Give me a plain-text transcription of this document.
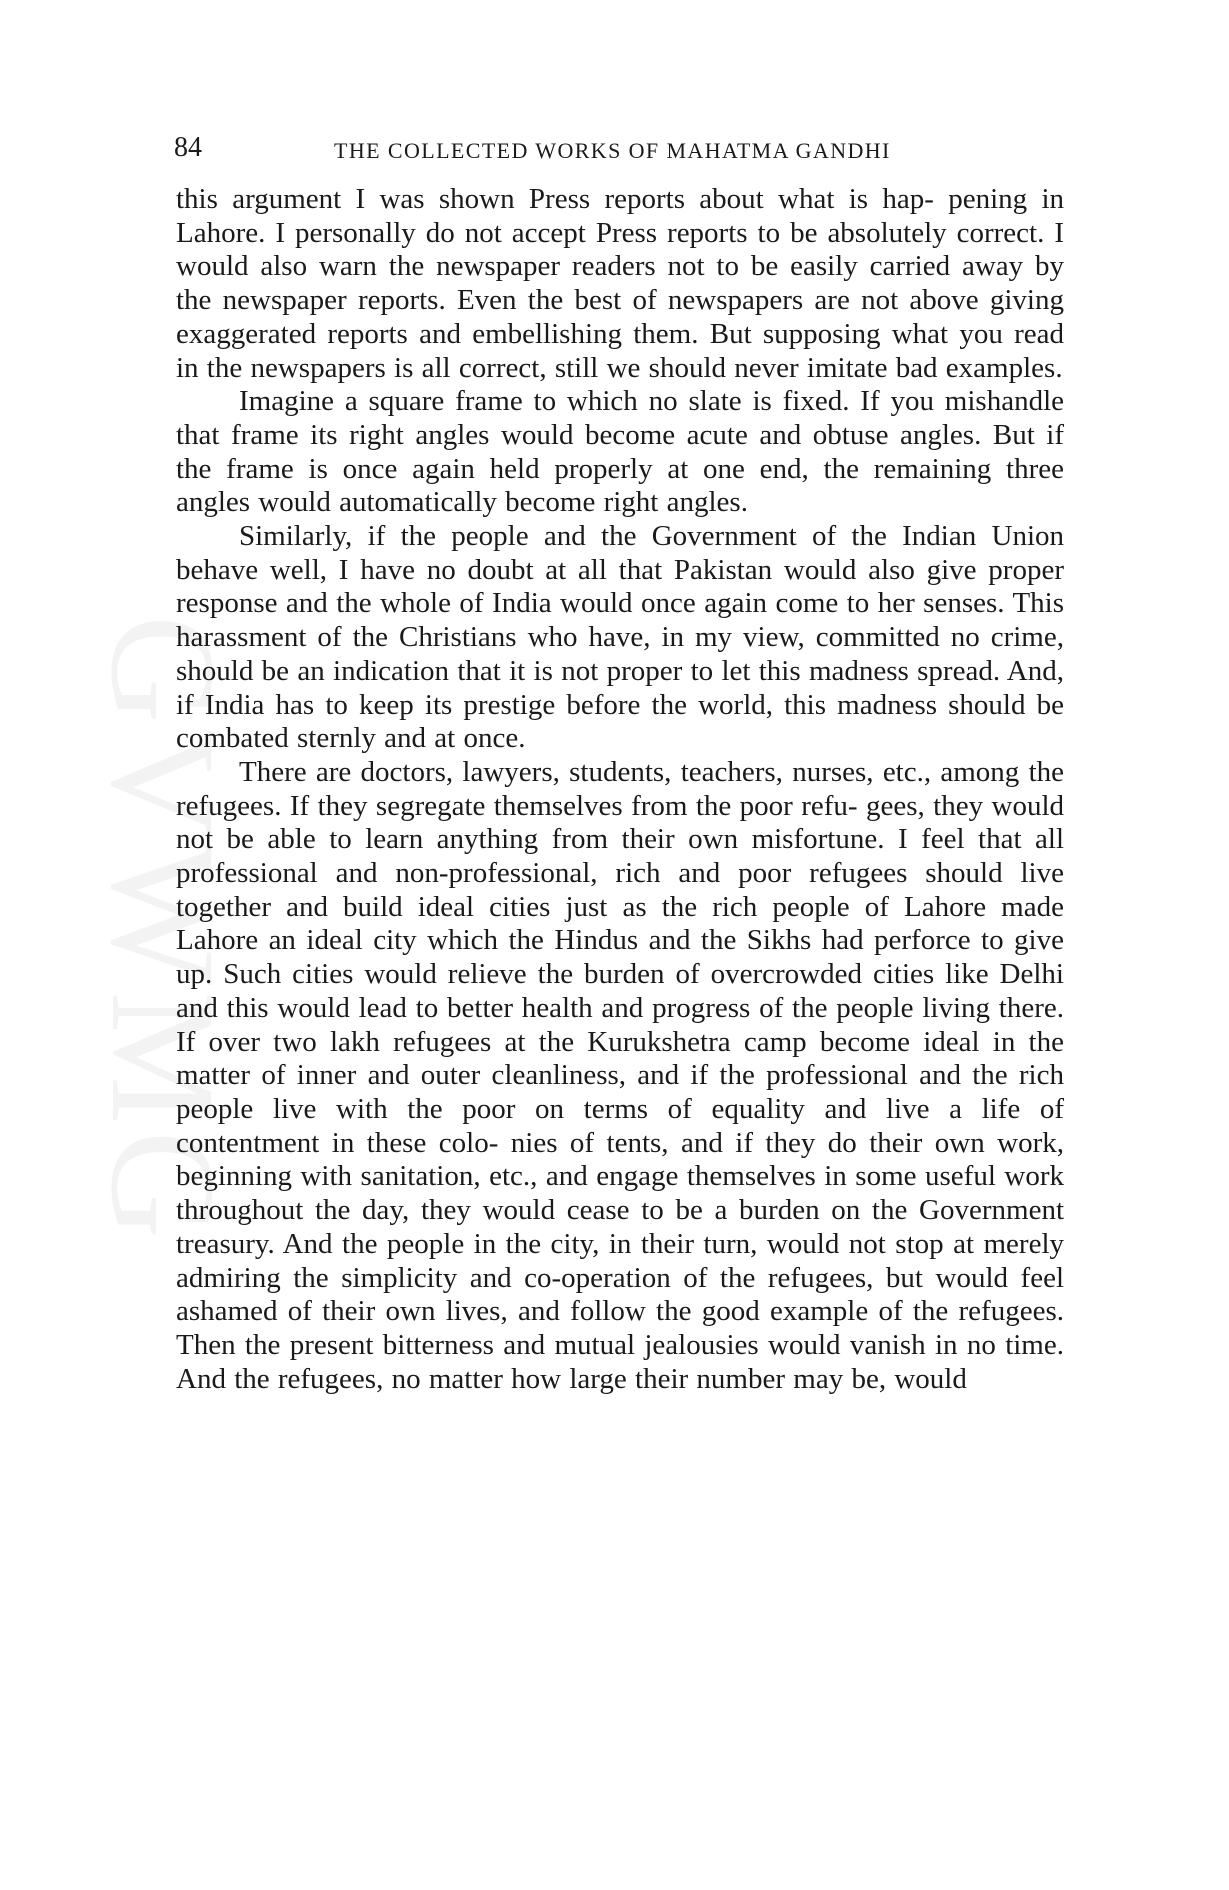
GVWMG
84	THE COLLECTED WORKS OF MAHATMA GANDHI

this argument I was shown Press reports about what is hap- pening in Lahore. I personally do not accept Press reports to be absolutely correct. I would also warn the newspaper readers not to be easily carried away by the newspaper reports. Even the best of newspapers are not above giving exaggerated reports and embellishing them. But supposing what you read in the newspapers is all correct, still we should never imitate bad examples.

Imagine a square frame to which no slate is fixed. If you mishandle that frame its right angles would become acute and obtuse angles. But if the frame is once again held properly at one end, the remaining three angles would automatically become right angles.

Similarly, if the people and the Government of the Indian Union behave well, I have no doubt at all that Pakistan would also give proper response and the whole of India would once again come to her senses. This harassment of the Christians who have, in my view, committed no crime, should be an indication that it is not proper to let this madness spread. And, if India has to keep its prestige before the world, this madness should be combated sternly and at once.

There are doctors, lawyers, students, teachers, nurses, etc., among the refugees. If they segregate themselves from the poor refu- gees, they would not be able to learn anything from their own misfortune. I feel that all professional and non-professional, rich and poor refugees should live together and build ideal cities just as the rich people of Lahore made Lahore an ideal city which the Hindus and the Sikhs had perforce to give up. Such cities would relieve the burden of overcrowded cities like Delhi and this would lead to better health and progress of the people living there. If over two lakh refugees at the Kurukshetra camp become ideal in the matter of inner and outer cleanliness, and if the professional and the rich people live with the poor on terms of equality and live a life of contentment in these colo- nies of tents, and if they do their own work, beginning with sanitation, etc., and engage themselves in some useful work throughout the day, they would cease to be a burden on the Government treasury. And the people in the city, in their turn, would not stop at merely admiring the simplicity and co-operation of the refugees, but would feel ashamed of their own lives, and follow the good example of the refugees. Then the present bitterness and mutual jealousies would vanish in no time. And the refugees, no matter how large their number may be, would
